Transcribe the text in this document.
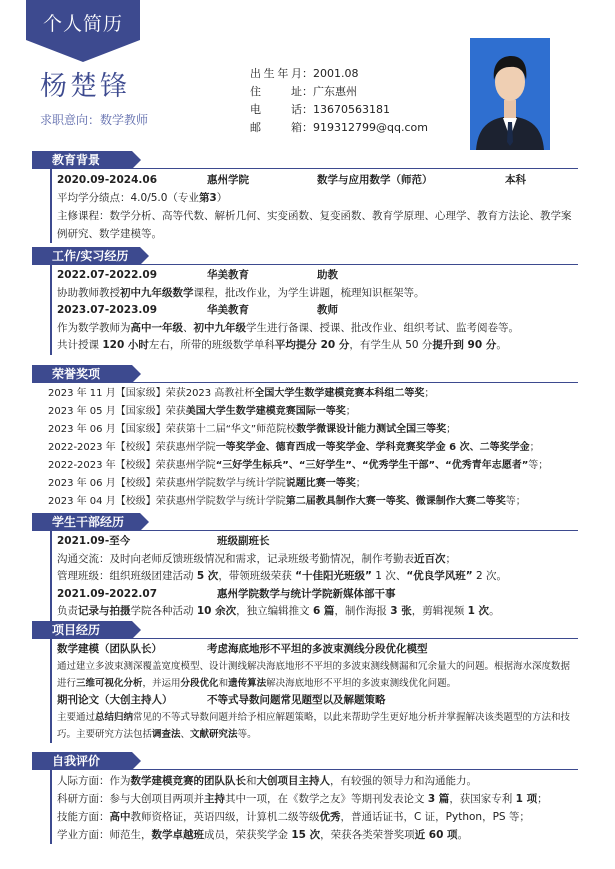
个人简历
杨楚锋
求职意向：数学教师
出生年月 ： 2001.08
住址 ： 广东惠州
电话 ： 13670563181
邮箱 ： 919312799@qq.com
教育背景
2020.09-2024.06	惠州学院	数学与应用数学（师范）	本科
平均学分绩点：4.0/5.0（专业第3）
主修课程：数学分析、高等代数、解析几何、实变函数、复变函数、教育学原理、心理学、教育方法论、教学案例研究、数学建模等。
工作/实习经历
2022.07-2022.09	华美教育	助教
协助教师教授初中九年级数学课程，批改作业，为学生讲题，梳理知识框架等。
2023.07-2023.09	华美教育	教师
作为数学教师为高中一年级、初中九年级学生进行备课、授课、批改作业、组织考试、监考阅卷等。
共计授课 120 小时左右，所带的班级数学单科平均提分 20 分，有学生从 50 分提升到 90 分。
荣誉奖项
2023 年 11 月【国家级】荣获2023 高教社杯全国大学生数学建模竞赛本科组二等奖；
2023 年 05 月【国家级】荣获美国大学生数学建模竞赛国际一等奖；
2023 年 06 月【国家级】荣获第十二届“华文”师范院校数学微课设计能力测试全国三等奖；
2022-2023 年【校级】荣获惠州学院一等奖学金、德育西成一等奖学金、学科竞赛奖学金 6 次、二等奖学金；
2022-2023 年【校级】荣获惠州学院“三好学生标兵”、“三好学生”、“优秀学生干部”、“优秀青年志愿者”等；
2023 年 06 月【校级】荣获惠州学院数学与统计学院说题比赛一等奖；
2023 年 04 月【校级】荣获惠州学院数学与统计学院第二届教具制作大赛一等奖、微课制作大赛二等奖等；
学生干部经历
2021.09-至今	班级副班长
沟通交流：及时向老师反馈班级情况和需求，记录班级考勤情况，制作考勤表近百次；
管理班级：组织班级团建活动 5 次，带领班级荣获 “十佳阳光班级” 1 次、“优良学风班” 2 次。
2021.09-2022.07	惠州学院数学与统计学院新媒体部干事
负责记录与拍摄学院各种活动 10 余次，独立编辑推文 6 篇，制作海报 3 张，剪辑视频 1 次。
项目经历
数学建模（团队队长）	考虑海底地形不平坦的多波束测线分段优化模型
通过建立多波束测深覆盖宽度模型、设计测线解决海底地形不平坦的多波束测线侧漏和冗余量大的问题。根据海水深度数据进行三维可视化分析，并运用分段优化和遗传算法解决海底地形不平坦的多波束测线优化问题。
期刊论文（大创主持人）	不等式导数问题常见题型以及解题策略
主要通过总结归纳常见的不等式导数问题并给予相应解题策略，以此来帮助学生更好地分析并掌握解决该类题型的方法和技巧。主要研究方法包括调查法、文献研究法等。
自我评价
人际方面：作为数学建模竞赛的团队队长和大创项目主持人，有较强的领导力和沟通能力。
科研方面：参与大创项目两项并主持其中一项，在《数学之友》等期刊发表论文 3 篇，获国家专利 1 项；
技能方面：高中教师资格证，英语四级，计算机二级等级优秀，普通话证书，C 证，Python，PS 等；
学业方面：师范生，数学卓越班成员，荣获奖学金 15 次，荣获各类荣誉奖项近 60 项。
